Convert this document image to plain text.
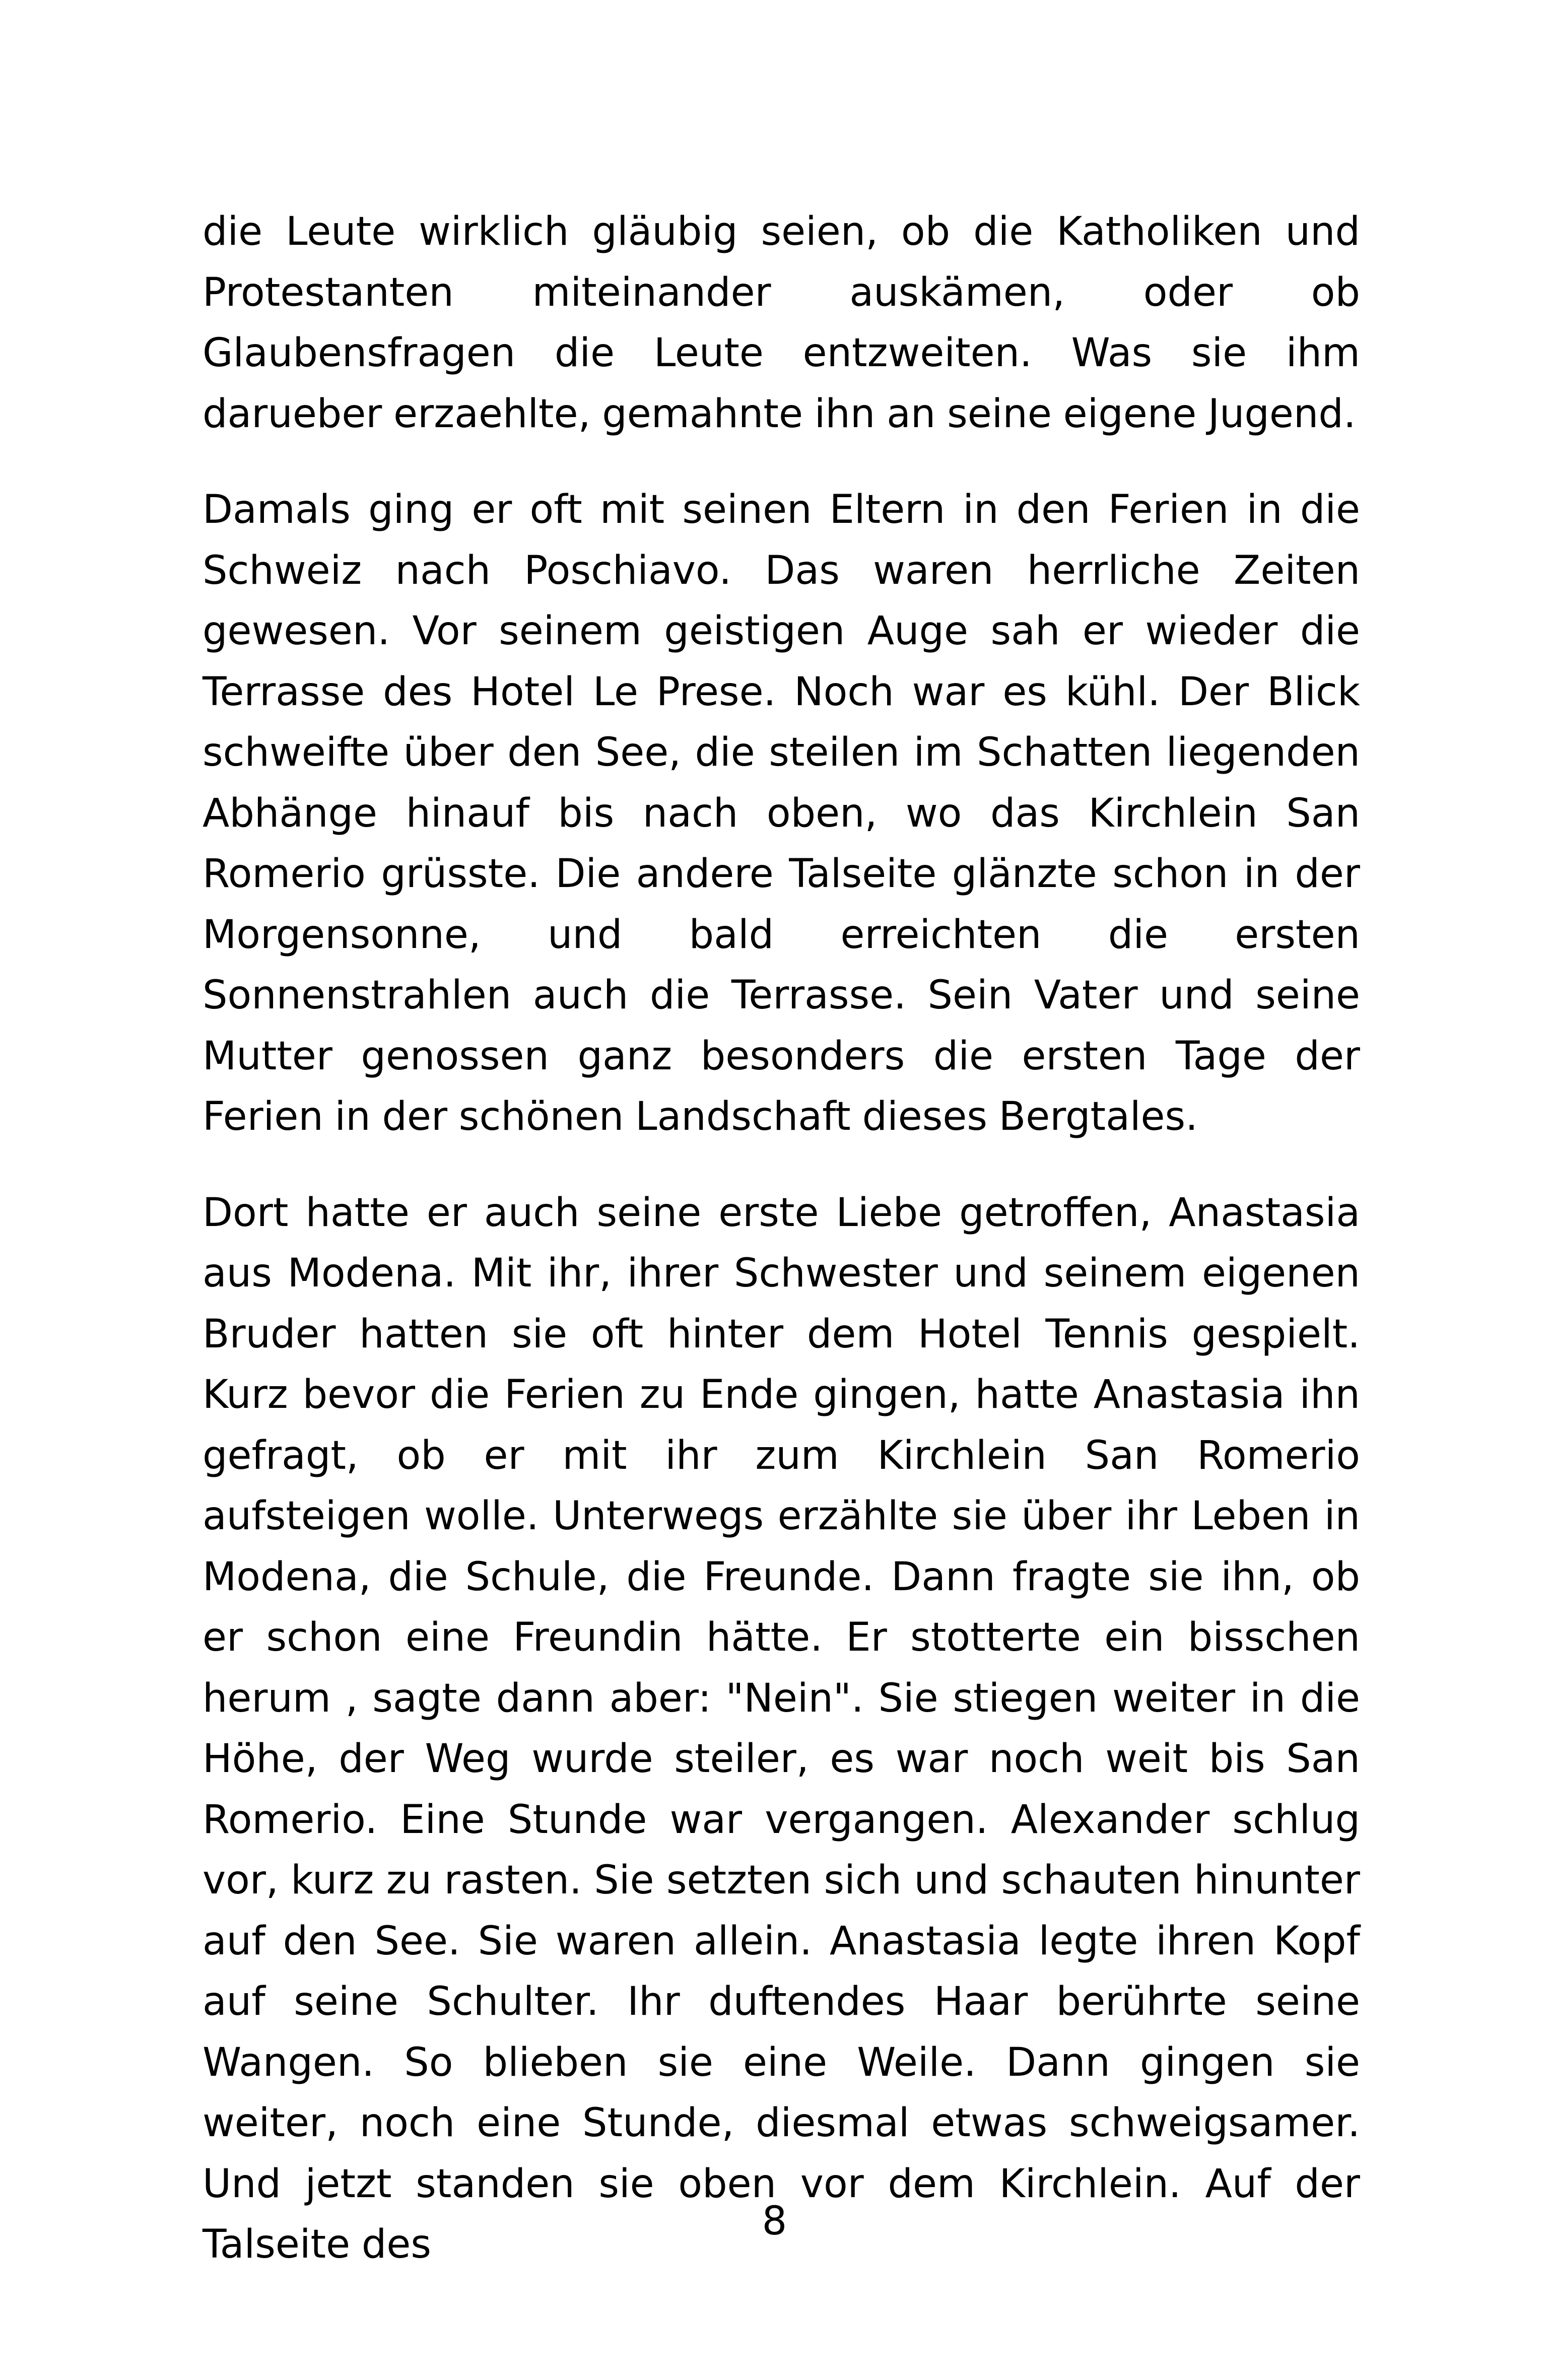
die Leute wirklich gläubig seien, ob die Katholiken und Protestanten miteinander auskämen, oder ob Glaubensfragen die Leute entzweiten. Was sie ihm darueber erzaehlte, gemahnte ihn an seine eigene Jugend.

Damals ging er oft mit seinen Eltern in den Ferien in die Schweiz nach Poschiavo. Das waren herrliche Zeiten gewesen. Vor seinem geistigen Auge sah er wieder die Terrasse des Hotel Le Prese. Noch war es kühl. Der Blick schweifte über den See, die steilen im Schatten liegenden Abhänge hinauf bis nach oben, wo das Kirchlein San Romerio grüsste. Die andere Talseite glänzte schon in der Morgensonne, und bald erreichten die ersten Sonnenstrahlen auch die Terrasse. Sein Vater und seine Mutter genossen ganz besonders die ersten Tage der Ferien in der schönen Landschaft dieses Bergtales.

Dort hatte er auch seine erste Liebe getroffen, Anastasia aus Modena. Mit ihr, ihrer Schwester und seinem eigenen Bruder hatten sie oft hinter dem Hotel Tennis gespielt. Kurz bevor die Ferien zu Ende gingen, hatte Anastasia ihn gefragt, ob er mit ihr zum Kirchlein San Romerio aufsteigen wolle. Unterwegs erzählte sie über ihr Leben in Modena, die Schule, die Freunde. Dann fragte sie ihn, ob er schon eine Freundin hätte. Er stotterte ein bisschen herum , sagte dann aber: "Nein". Sie stiegen weiter in die Höhe, der Weg wurde steiler, es war noch weit bis San Romerio. Eine Stunde war vergangen. Alexander schlug vor, kurz zu rasten. Sie setzten sich und schauten hinunter auf den See. Sie waren allein. Anastasia legte ihren Kopf auf seine Schulter. Ihr duftendes Haar berührte seine Wangen. So blieben sie eine Weile. Dann gingen sie weiter, noch eine Stunde, diesmal etwas schweigsamer. Und jetzt standen sie oben vor dem Kirchlein. Auf der Talseite des

8
